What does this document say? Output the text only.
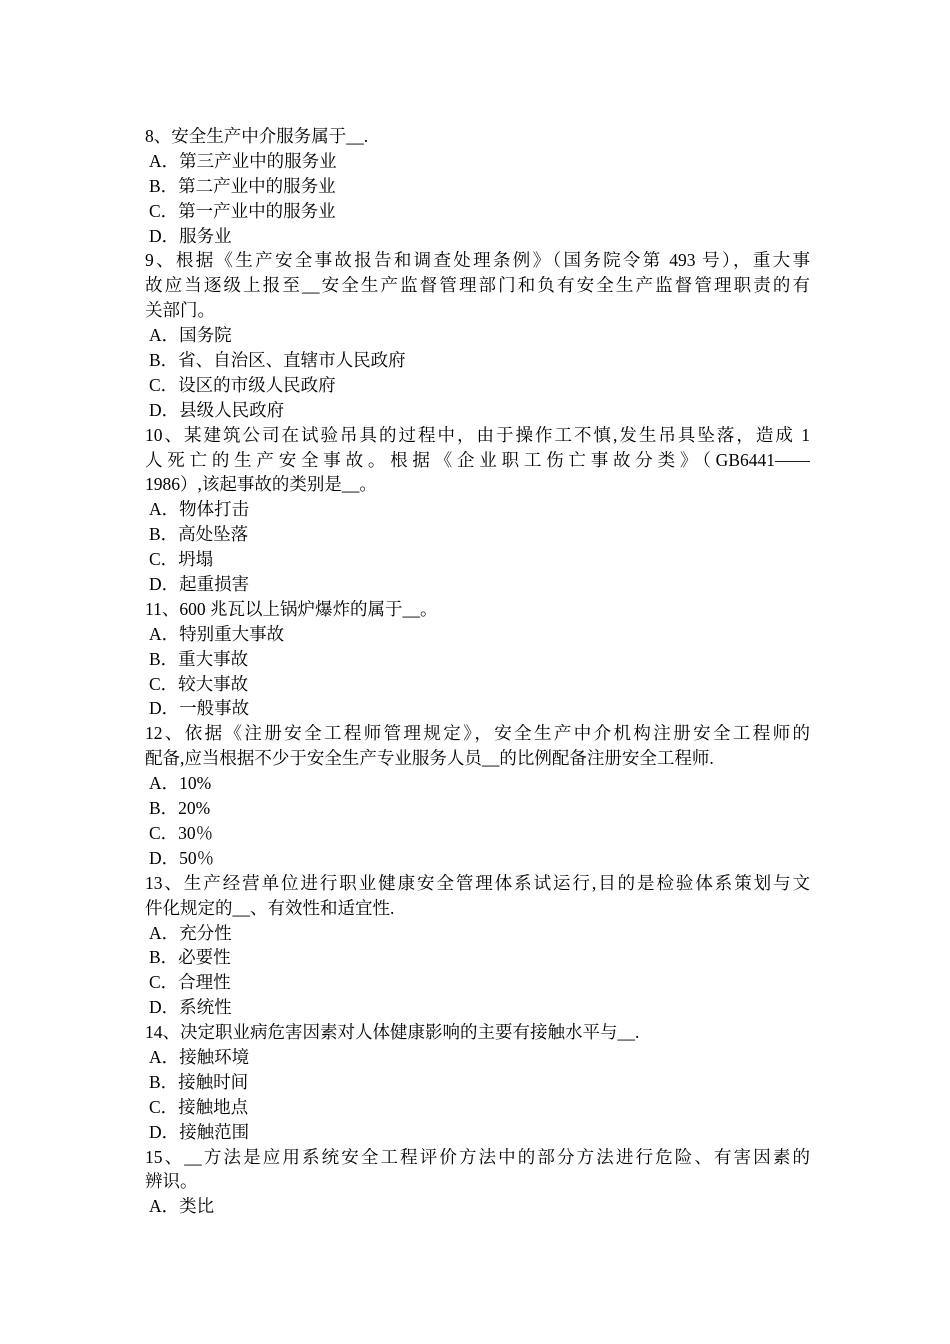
8、安全生产中介服务属于__.
A．第三产业中的服务业
B．第二产业中的服务业
C．第一产业中的服务业
D．服务业
9、根据《生产安全事故报告和调查处理条例》（国务院令第 493 号），重大事
故应当逐级上报至__安全生产监督管理部门和负有安全生产监督管理职责的有
关部门。
A．国务院
B．省、自治区、直辖市人民政府
C．设区的市级人民政府
D．县级人民政府
10、某建筑公司在试验吊具的过程中，由于操作工不慎,发生吊具坠落，造成 1
人死亡的生产安全事故。根据《企业职工伤亡事故分类》（GB6441——
1986）,该起事故的类别是__。
A．物体打击
B．高处坠落
C．坍塌
D．起重损害
11、600 兆瓦以上锅炉爆炸的属于__。
A．特别重大事故
B．重大事故
C．较大事故
D．一般事故
12、依据《注册安全工程师管理规定》，安全生产中介机构注册安全工程师的
配备,应当根据不少于安全生产专业服务人员__的比例配备注册安全工程师.
A．10%
B．20%
C．30％
D．50％
13、生产经营单位进行职业健康安全管理体系试运行,目的是检验体系策划与文
件化规定的__、有效性和适宜性.
A．充分性
B．必要性
C．合理性
D．系统性
14、决定职业病危害因素对人体健康影响的主要有接触水平与__.
A．接触环境
B．接触时间
C．接触地点
D．接触范围
15、__方法是应用系统安全工程评价方法中的部分方法进行危险、有害因素的
辨识。
A．类比
